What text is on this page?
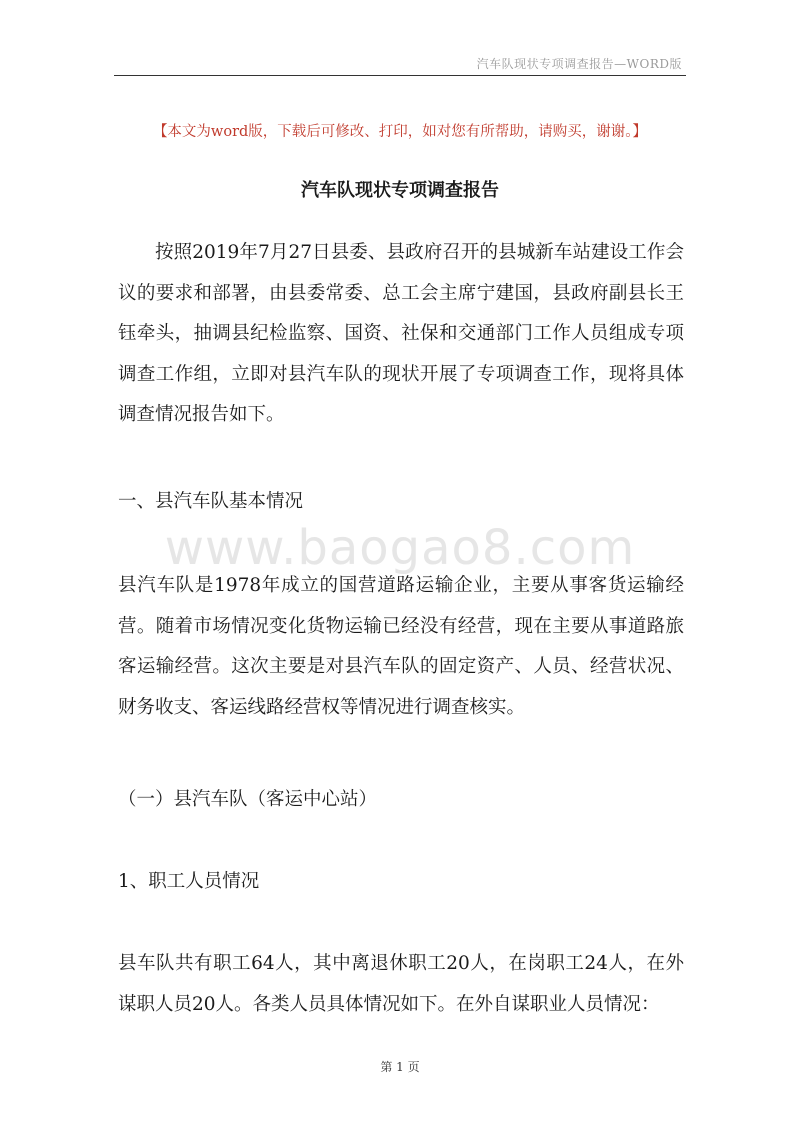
汽车队现状专项调查报告—WORD版
【本文为word版，下载后可修改、打印，如对您有所帮助，请购买，谢谢。】
汽车队现状专项调查报告
按照2019年7月27日县委、县政府召开的县城新车站建设工作会议的要求和部署，由县委常委、总工会主席宁建国，县政府副县长王钰牵头，抽调县纪检监察、国资、社保和交通部门工作人员组成专项调查工作组，立即对县汽车队的现状开展了专项调查工作，现将具体调查情况报告如下。
一、县汽车队基本情况
www.baogao8.com
县汽车队是1978年成立的国营道路运输企业，主要从事客货运输经营。随着市场情况变化货物运输已经没有经营，现在主要从事道路旅客运输经营。这次主要是对县汽车队的固定资产、人员、经营状况、财务收支、客运线路经营权等情况进行调查核实。
（一）县汽车队（客运中心站）
1、职工人员情况
县车队共有职工64人，其中离退休职工20人，在岗职工24人，在外谋职人员20人。各类人员具体情况如下。在外自谋职业人员情况：
第 1 页
